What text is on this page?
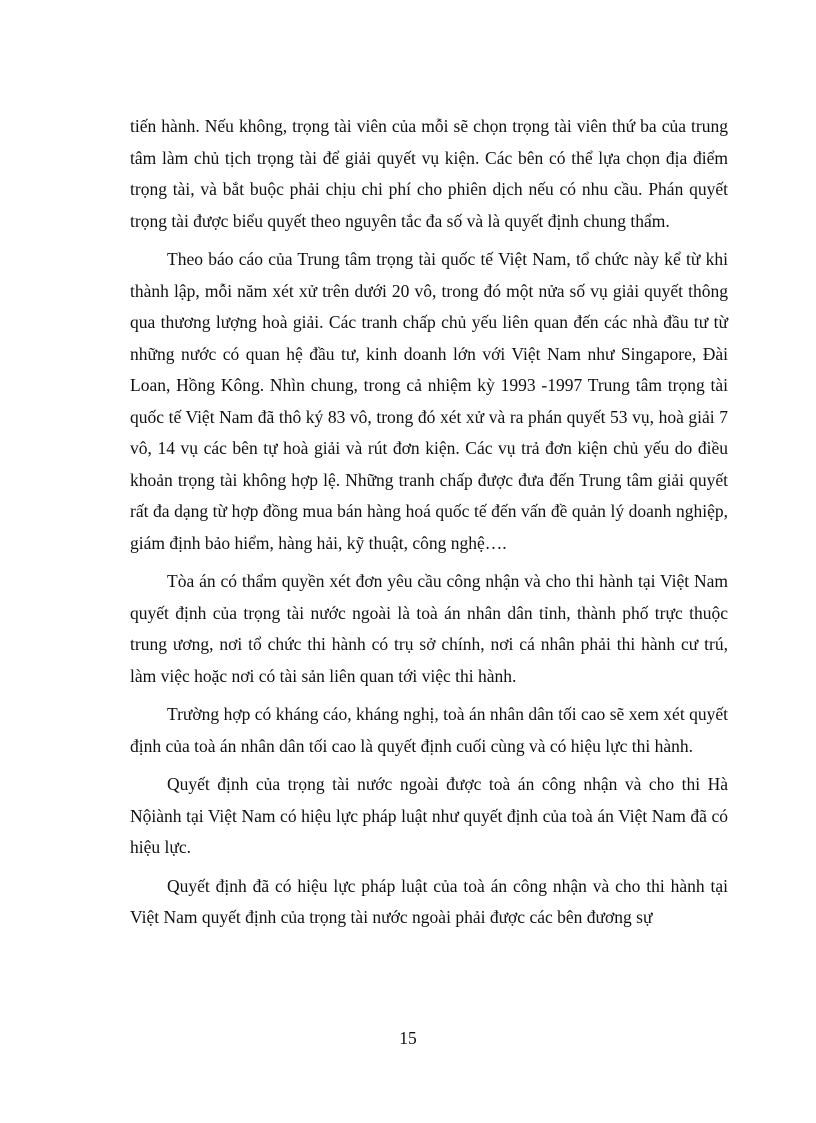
tiến hành. Nếu không, trọng tài viên của mỗi sẽ chọn trọng tài viên thứ ba của trung tâm làm chủ tịch trọng tài để giải quyết vụ kiện. Các bên có thể lựa chọn địa điểm trọng tài, và bắt buộc phải chịu chi phí cho phiên dịch nếu có nhu cầu. Phán quyết trọng tài được biểu quyết theo nguyên tắc đa số và là quyết định chung thẩm.

Theo báo cáo của Trung tâm trọng tài quốc tế Việt Nam, tổ chức này kể từ khi thành lập, mỗi năm xét xử trên dưới 20 vô, trong đó một nửa số vụ giải quyết thông qua thương lượng hoà giải. Các tranh chấp chủ yếu liên quan đến các nhà đầu tư từ những nước có quan hệ đầu tư, kinh doanh lớn với Việt Nam như Singapore, Đài Loan, Hồng Kông. Nhìn chung, trong cả nhiệm kỳ 1993 -1997 Trung tâm trọng tài quốc tế Việt Nam đã thô ký 83 vô, trong đó xét xử và ra phán quyết 53 vụ, hoà giải 7 vô, 14 vụ các bên tự hoà giải và rút đơn kiện. Các vụ trả đơn kiện chủ yếu do điều khoản trọng tài không hợp lệ. Những tranh chấp được đưa đến Trung tâm giải quyết rất đa dạng từ hợp đồng mua bán hàng hoá quốc tế đến vấn đề quản lý doanh nghiệp, giám định bảo hiểm, hàng hải, kỹ thuật, công nghệ….

Tòa án có thẩm quyền xét đơn yêu cầu công nhận và cho thi hành tại Việt Nam quyết định của trọng tài nước ngoài là toà án nhân dân tỉnh, thành phố trực thuộc trung ương, nơi tổ chức thi hành có trụ sở chính, nơi cá nhân phải thi hành cư trú, làm việc hoặc nơi có tài sản liên quan tới việc thi hành.

Trường hợp có kháng cáo, kháng nghị, toà án nhân dân tối cao sẽ xem xét quyết định của toà án nhân dân tối cao là quyết định cuối cùng và có hiệu lực thi hành.

Quyết định của trọng tài nước ngoài được toà án công nhận và cho thi Hà Nộiành tại Việt Nam có hiệu lực pháp luật như quyết định của toà án Việt Nam đã có hiệu lực.

Quyết định đã có hiệu lực pháp luật của toà án công nhận và cho thi hành tại Việt Nam quyết định của trọng tài nước ngoài phải được các bên đương sự

15
